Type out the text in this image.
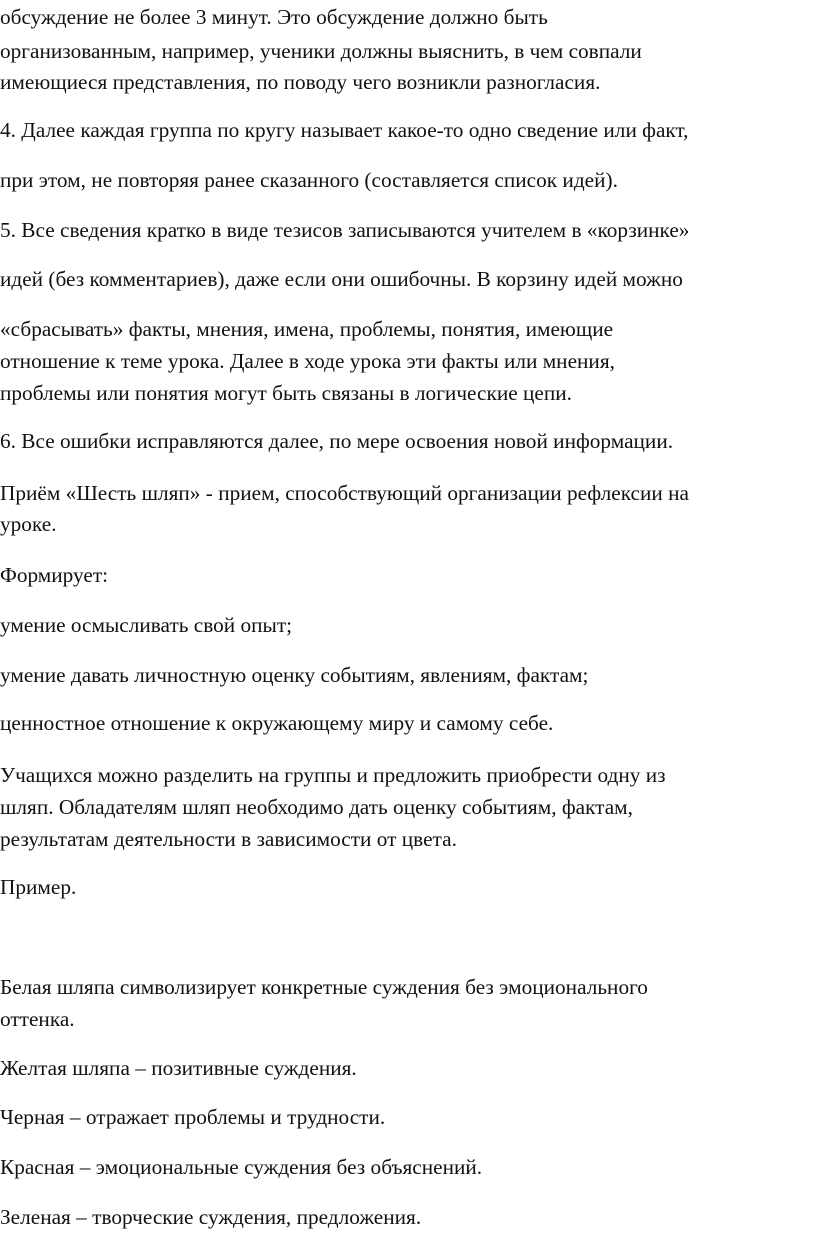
обсуждение не более 3 минут. Это обсуждение должно быть
организованным, например, ученики должны выяснить, в чем совпали
имеющиеся представления, по поводу чего возникли разногласия.
4. Далее каждая группа по кругу называет какое-то одно сведение или факт,
при этом, не повторяя ранее сказанного (составляется список идей).
5. Все сведения кратко в виде тезисов записываются учителем в «корзинке»
идей (без комментариев), даже если они ошибочны. В корзину идей можно
«сбрасывать» факты, мнения, имена, проблемы, понятия, имеющие
отношение к теме урока. Далее в ходе урока эти факты или мнения,
проблемы или понятия могут быть связаны в логические цепи.
6. Все ошибки исправляются далее, по мере освоения новой информации.
Приём «Шесть шляп» - прием, способствующий организации рефлексии на
уроке.
Формирует:
умение осмысливать свой опыт;
умение давать личностную оценку событиям, явлениям, фактам;
ценностное отношение к окружающему миру и самому себе.
Учащихся можно разделить на группы и предложить приобрести одну из
шляп. Обладателям шляп необходимо дать оценку событиям, фактам,
результатам деятельности в зависимости от цвета.
Пример.
Белая шляпа символизирует конкретные суждения без эмоционального
оттенка.
Желтая шляпа – позитивные суждения.
Черная – отражает проблемы и трудности.
Красная – эмоциональные суждения без объяснений.
Зеленая – творческие суждения, предложения.
